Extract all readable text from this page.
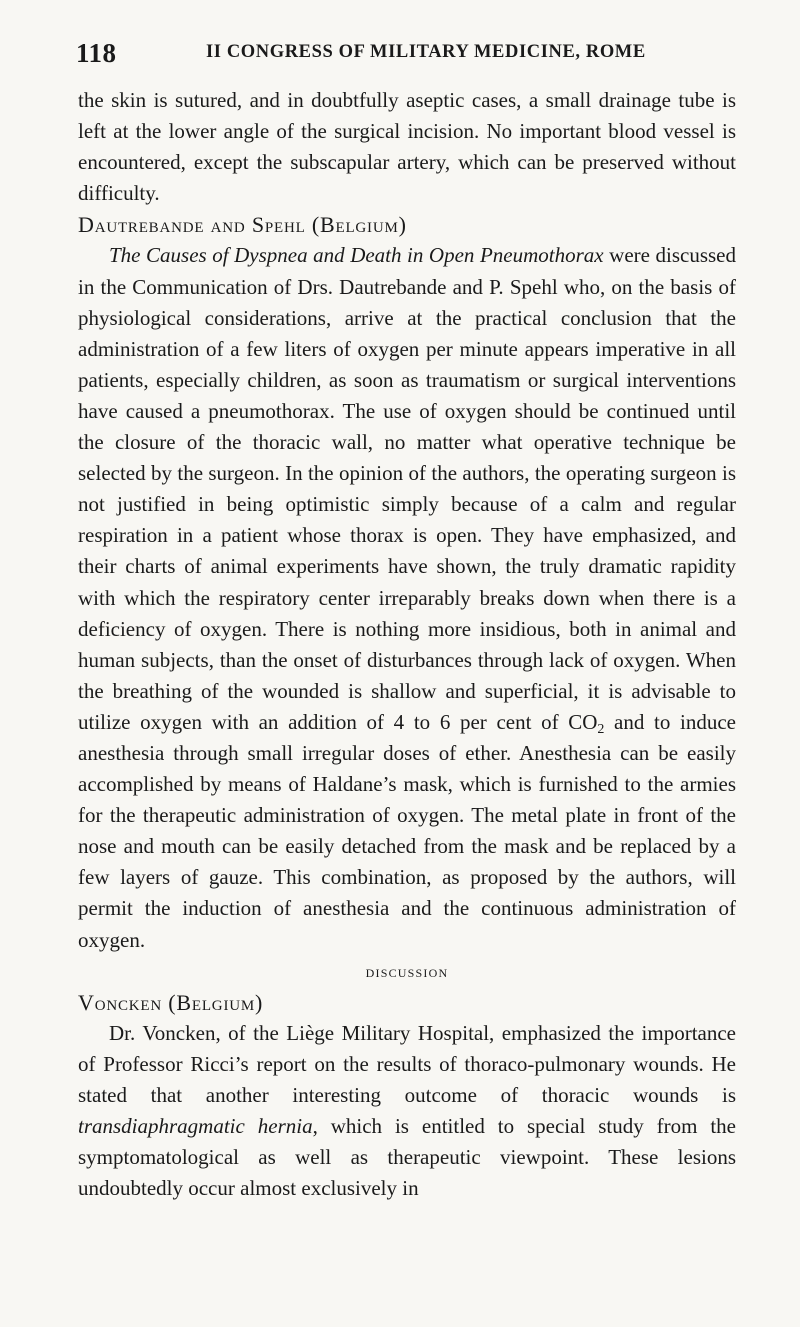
118	II CONGRESS OF MILITARY MEDICINE, ROME

the skin is sutured, and in doubtfully aseptic cases, a small drainage tube is left at the lower angle of the surgical incision. No important blood vessel is encountered, except the subscapular artery, which can be preserved without difficulty.

Dautrebande and Spehl (Belgium)

The Causes of Dyspnea and Death in Open Pneumothorax were discussed in the Communication of Drs. Dautrebande and P. Spehl who, on the basis of physiological considerations, arrive at the practical conclusion that the administration of a few liters of oxygen per minute appears imperative in all patients, especially children, as soon as traumatism or surgical interventions have caused a pneumothorax. The use of oxygen should be continued until the closure of the thoracic wall, no matter what operative technique be selected by the surgeon. In the opinion of the authors, the operating surgeon is not justified in being optimistic simply because of a calm and regular respiration in a patient whose thorax is open. They have emphasized, and their charts of animal experiments have shown, the truly dramatic rapidity with which the respiratory center irreparably breaks down when there is a deficiency of oxygen. There is nothing more insidious, both in animal and human subjects, than the onset of disturbances through lack of oxygen. When the breathing of the wounded is shallow and superficial, it is advisable to utilize oxygen with an addition of 4 to 6 per cent of $CO_2$ and to induce anesthesia through small irregular doses of ether. Anesthesia can be easily accomplished by means of Haldane’s mask, which is furnished to the armies for the therapeutic administration of oxygen. The metal plate in front of the nose and mouth can be easily detached from the mask and be replaced by a few layers of gauze. This combination, as proposed by the authors, will permit the induction of anesthesia and the continuous administration of oxygen.

discussion

Voncken (Belgium)

Dr. Voncken, of the Liège Military Hospital, emphasized the importance of Professor Ricci’s report on the results of thoraco-pulmonary wounds. He stated that another interesting outcome of thoracic wounds is transdiaphragmatic hernia, which is entitled to special study from the symptomatological as well as therapeutic viewpoint. These lesions undoubtedly occur almost exclusively in
